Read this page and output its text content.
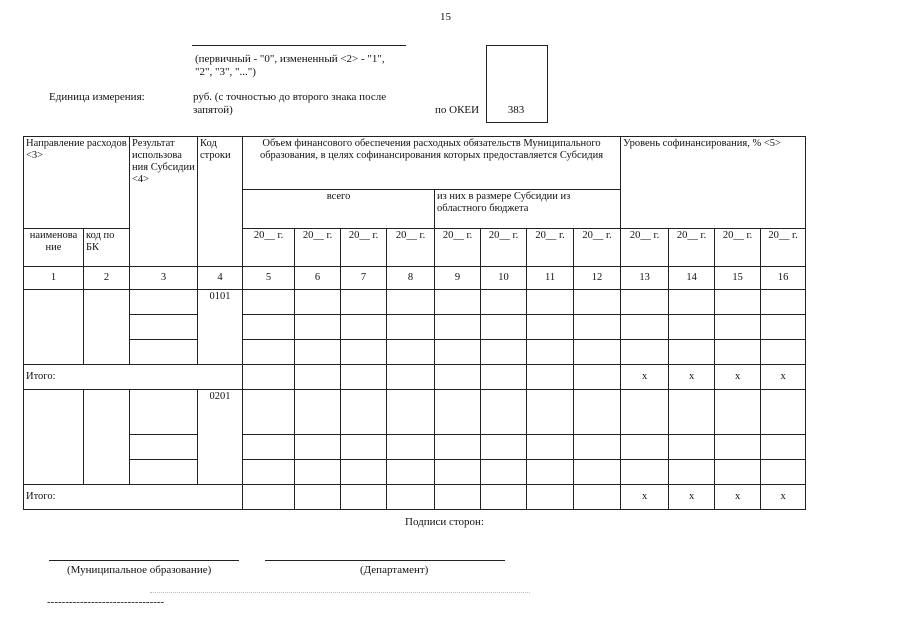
15
(первичный - "0", измененный <2> - "1",
"2", "3", "...")
Единица измерения:	руб. (с точностью до второго знака после
запятой)	по ОКЕИ	383
Направление расходов <3>		Результат использова ния Субсидии <4>	Код строки	Объем финансового обеспечения расходных обязательств Муниципального образования, в целях софинансирования которых предоставляется Субсидия								Уровень софинансирования, % <5>			
				всего				из них в размере Субсидии из областного бюджета							
наименова ние	код по БК			20__ г.	20__ г.	20__ г.	20__ г.	20__ г.	20__ г.	20__ г.	20__ г.	20__ г.	20__ г.	20__ г.	20__ г.
1	2	3	4	5	6	7	8	9	10	11	12	13	14	15	16
			0101												

Итого:												x	x	x	x
			0201												

Итого:												x	x	x	x
Подписи сторон:
(Муниципальное образование)	(Департамент)
--------------------------------
